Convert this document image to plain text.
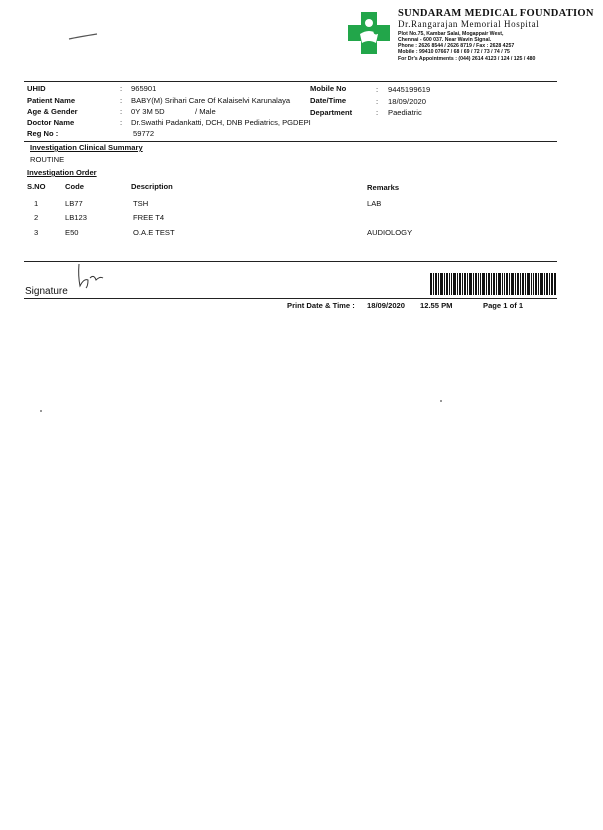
SUNDARAM MEDICAL FOUNDATION
Dr.Rangarajan Memorial Hospital
Plot No.75, Kambar Salai, Mogappair West,
Chennai - 600 037. Near Wavin Signal.
Phone : 2626 8544 / 2626 8719 / Fax : 2628 4257
Mobile : 99410 07667 / 68 / 69 / 72 / 73 / 74 / 75
For Dr's Appointments : (044) 2614 4123 / 124 / 125 / 480
UHID	: 965901
Patient Name	: BABY(M) Srihari Care Of Kalaiselvi Karunalaya
Age & Gender	: 0Y 3M 5D	/ Male
Doctor Name	: Dr.Swathi Padankatti, DCH, DNB Pediatrics, PGDEPI
Reg No :	59772
Mobile No	: 9445199619
Date/Time	: 18/09/2020
Department	: Paediatric
Investigation Clinical Summary
ROUTINE
Investigation Order
S.NO	Code	Description	Remarks
1	LB77	TSH	LAB
2	LB123	FREE T4
3	E50	O.A.E TEST	AUDIOLOGY
Signature
Print Date & Time : 18/09/2020 12.55 PM	Page 1 of 1
